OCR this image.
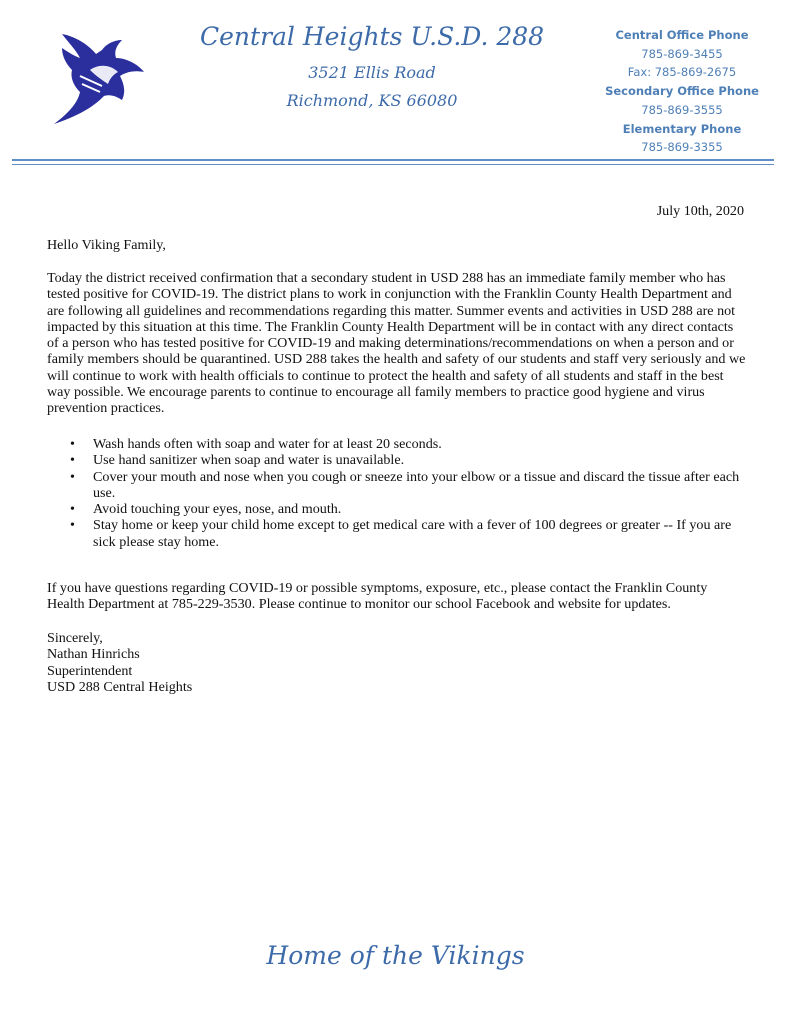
Central Heights U.S.D. 288
3521 Ellis Road
Richmond, KS 66080
Central Office Phone
785-869-3455
Fax: 785-869-2675
Secondary Office Phone
785-869-3555
Elementary Phone
785-869-3355
July 10th, 2020

Hello Viking Family,

Today the district received confirmation that a secondary student in USD 288 has an immediate family member who has tested positive for COVID-19. The district plans to work in conjunction with the Franklin County Health Department and are following all guidelines and recommendations regarding this matter. Summer events and activities in USD 288 are not impacted by this situation at this time. The Franklin County Health Department will be in contact with any direct contacts of a person who has tested positive for COVID-19 and making determinations/recommendations on when a person and or family members should be quarantined. USD 288 takes the health and safety of our students and staff very seriously and we will continue to work with health officials to continue to protect the health and safety of all students and staff in the best way possible. We encourage parents to continue to encourage all family members to practice good hygiene and virus prevention practices.

• Wash hands often with soap and water for at least 20 seconds.
• Use hand sanitizer when soap and water is unavailable.
• Cover your mouth and nose when you cough or sneeze into your elbow or a tissue and discard the tissue after each use.
• Avoid touching your eyes, nose, and mouth.
• Stay home or keep your child home except to get medical care with a fever of 100 degrees or greater -- If you are sick please stay home.

If you have questions regarding COVID-19 or possible symptoms, exposure, etc., please contact the Franklin County Health Department at 785-229-3530. Please continue to monitor our school Facebook and website for updates.

Sincerely,

Nathan Hinrichs

Superintendent

USD 288 Central Heights

Home of the Vikings
